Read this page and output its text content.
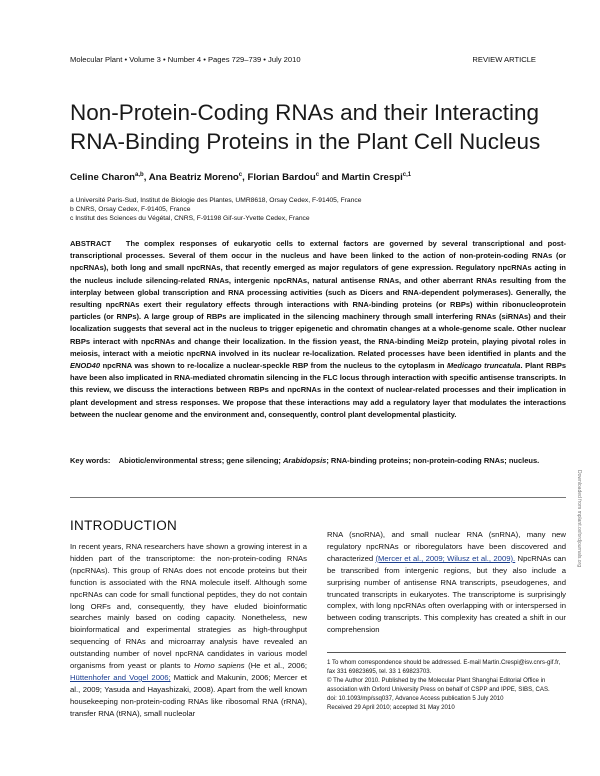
Molecular Plant • Volume 3 • Number 4 • Pages 729–739 • July 2010	REVIEW ARTICLE
Non-Protein-Coding RNAs and their Interacting RNA-Binding Proteins in the Plant Cell Nucleus
Celine Charon$^{a,b}$, Ana Beatriz Moreno$^c$, Florian Bardou$^c$ and Martin Crespi$^{c,1}$
a Université Paris-Sud, Institut de Biologie des Plantes, UMR8618, Orsay Cedex, F-91405, France
b CNRS, Orsay Cedex, F-91405, France
c Institut des Sciences du Végétal, CNRS, F-91198 Gif-sur-Yvette Cedex, France
ABSTRACT The complex responses of eukaryotic cells to external factors are governed by several transcriptional and post-transcriptional processes. Several of them occur in the nucleus and have been linked to the action of non-protein-coding RNAs (or npcRNAs), both long and small npcRNAs, that recently emerged as major regulators of gene expression. Regulatory npcRNAs acting in the nucleus include silencing-related RNAs, intergenic npcRNAs, natural antisense RNAs, and other aberrant RNAs resulting from the interplay between global transcription and RNA processing activities (such as Dicers and RNA-dependent polymerases). Generally, the resulting npcRNAs exert their regulatory effects through interactions with RNA-binding proteins (or RBPs) within ribonucleoprotein particles (or RNPs). A large group of RBPs are implicated in the silencing machinery through small interfering RNAs (siRNAs) and their localization suggests that several act in the nucleus to trigger epigenetic and chromatin changes at a whole-genome scale. Other nuclear RBPs interact with npcRNAs and change their localization. In the fission yeast, the RNA-binding Mei2p protein, playing pivotal roles in meiosis, interact with a meiotic npcRNA involved in its nuclear re-localization. Related processes have been identified in plants and the ENOD40 npcRNA was shown to re-localize a nuclear-speckle RBP from the nucleus to the cytoplasm in Medicago truncatula. Plant RBPs have been also implicated in RNA-mediated chromatin silencing in the FLC locus through interaction with specific antisense transcripts. In this review, we discuss the interactions between RBPs and npcRNAs in the context of nuclear-related processes and their implication in plant development and stress responses. We propose that these interactions may add a regulatory layer that modulates the interactions between the nuclear genome and the environment and, consequently, control plant developmental plasticity.
Key words: Abiotic/environmental stress; gene silencing; Arabidopsis; RNA-binding proteins; non-protein-coding RNAs; nucleus.
INTRODUCTION
In recent years, RNA researchers have shown a growing interest in a hidden part of the transcriptome: the non-protein-coding RNAs (npcRNAs). This group of RNAs does not encode proteins but their function is associated with the RNA molecule itself. Although some npcRNAs can code for small functional peptides, they do not contain long ORFs and, consequently, they have eluded bioinformatic searches mainly based on coding capacity. Nonetheless, new bioinformatical and experimental strategies as high-throughput sequencing of RNAs and microarray analysis have revealed an outstanding number of novel npcRNA candidates in various model organisms from yeast or plants to Homo sapiens (He et al., 2006; Hüttenhofer and Vogel 2006; Mattick and Makunin, 2006; Mercer et al., 2009; Yasuda and Hayashizaki, 2008). Apart from the well known housekeeping non-protein-coding RNAs like ribosomal RNA (rRNA), transfer RNA (tRNA), small nucleolar
RNA (snoRNA), and small nuclear RNA (snRNA), many new regulatory npcRNAs or riboregulators have been discovered and characterized (Mercer et al., 2009; Wilusz et al., 2009). NpcRNAs can be transcribed from intergenic regions, but they also include a surprising number of antisense RNA transcripts, pseudogenes, and truncated transcripts in eukaryotes. The transcriptome is surprisingly complex, with long npcRNAs often overlapping with or interspersed in between coding transcripts. This complexity has created a shift in our comprehension

1 To whom correspondence should be addressed. E-mail Martin.Crespi@isv.cnrs-gif.fr, fax 331 69823695, tel. 33 1 69823703.

© The Author 2010. Published by the Molecular Plant Shanghai Editorial Office in association with Oxford University Press on behalf of CSPP and IPPE, SIBS, CAS.

doi: 10.1093/mp/ssq037, Advance Access publication 5 July 2010

Received 29 April 2010; accepted 31 May 2010

Downloaded from mplant.oxfordjournals.org
